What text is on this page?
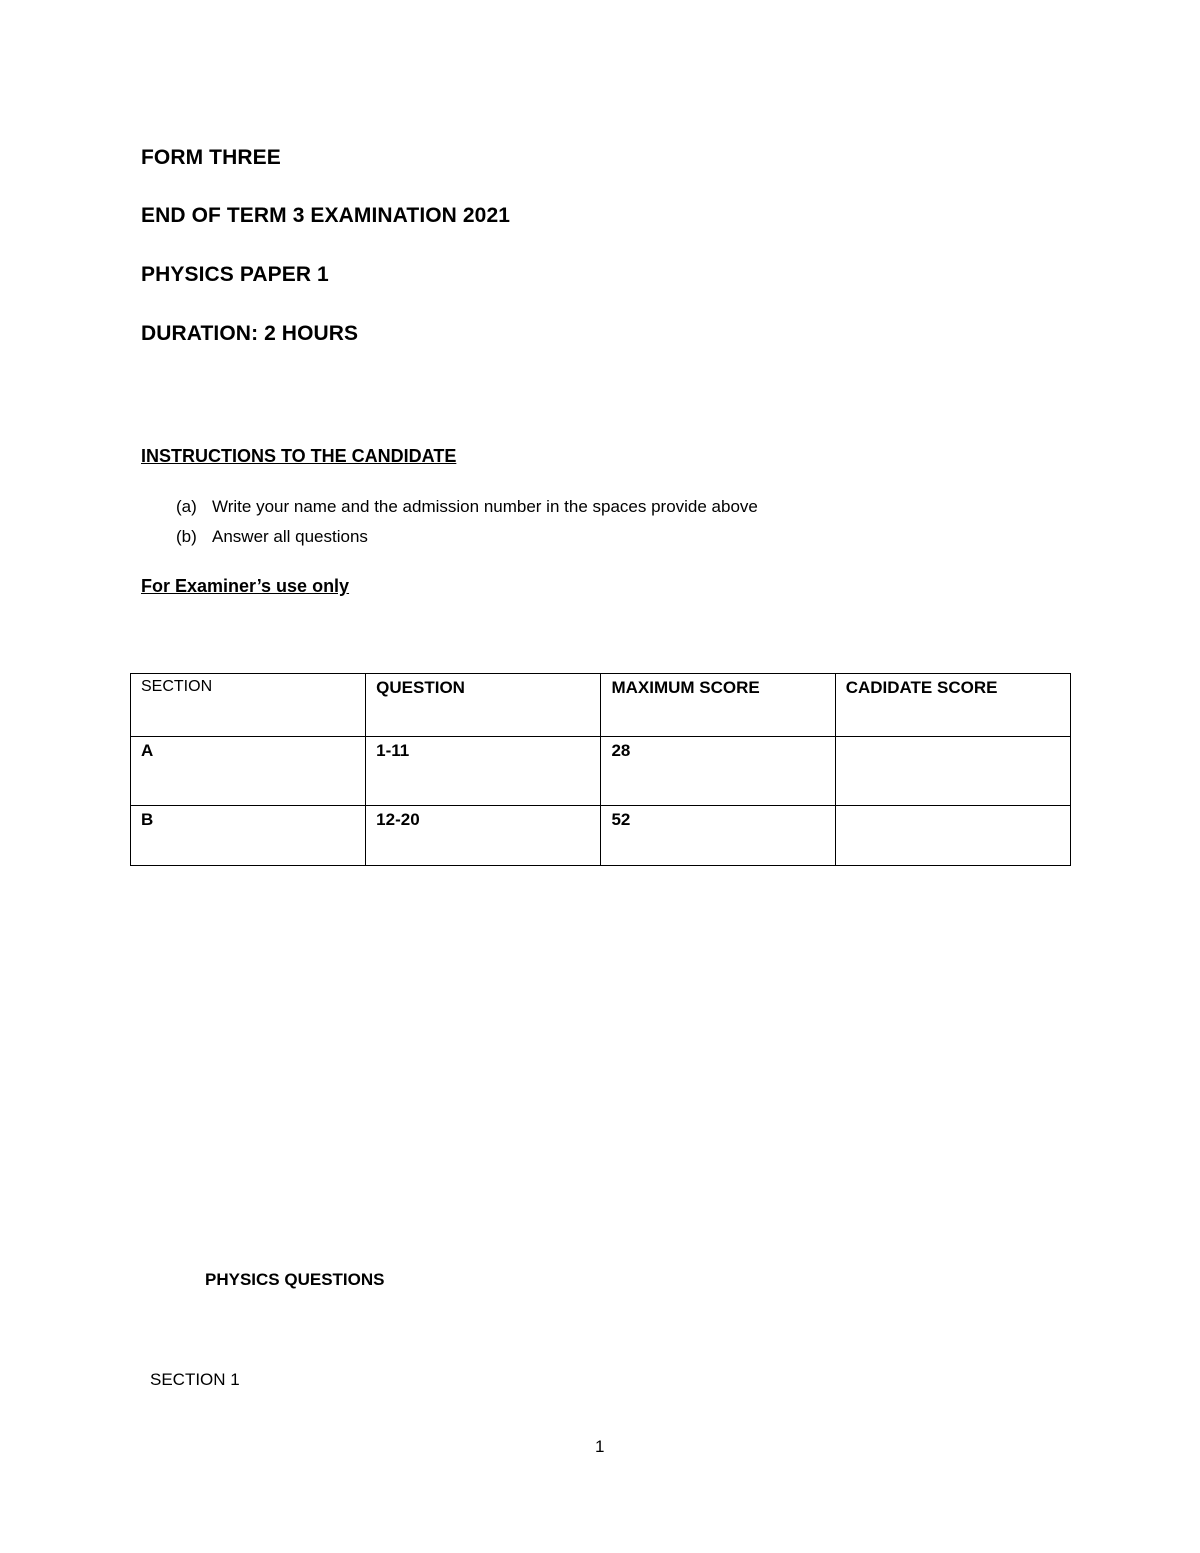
FORM THREE
END OF TERM 3 EXAMINATION 2021
PHYSICS PAPER 1
DURATION: 2 HOURS
INSTRUCTIONS TO THE CANDIDATE
(a) Write your name and the admission number in the spaces provide above
(b) Answer all questions
For Examiner’s use only
SECTION	QUESTION	MAXIMUM SCORE	CADIDATE SCORE
A	1-11	28	
B	12-20	52	
PHYSICS QUESTIONS
SECTION 1
1
